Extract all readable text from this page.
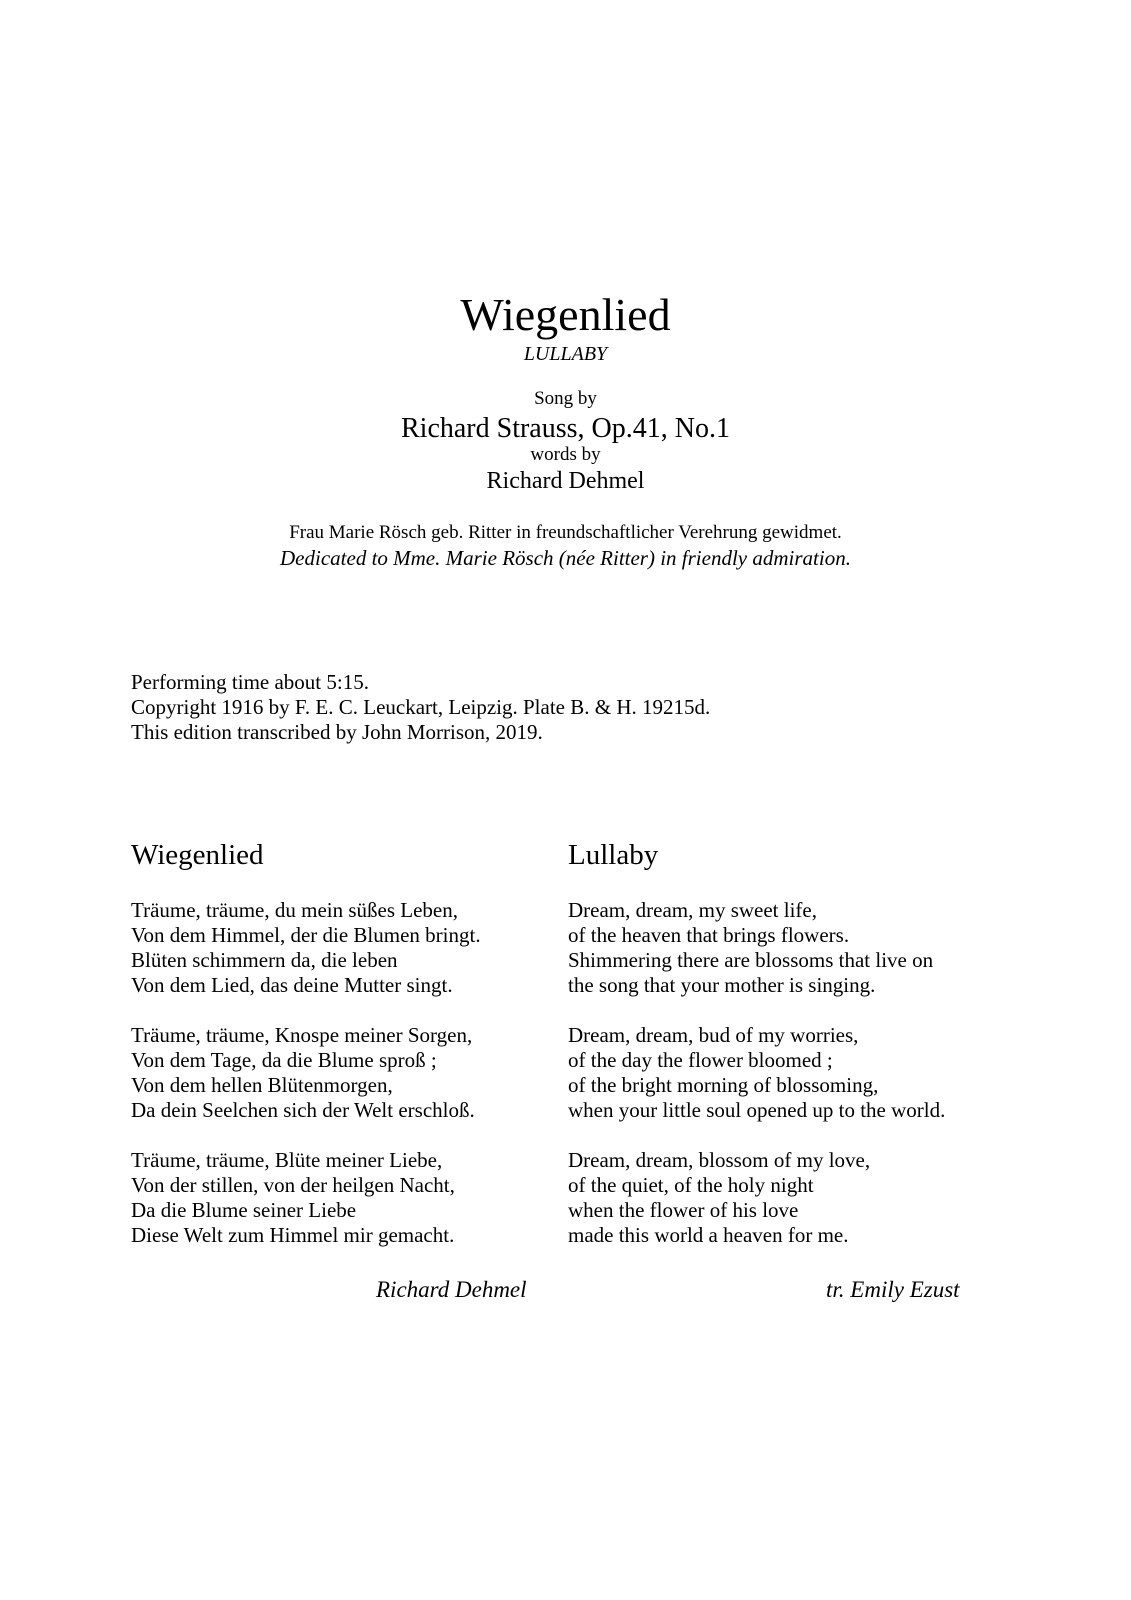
Wiegenlied
LULLABY
Song by
Richard Strauss, Op.41, No.1
words by
Richard Dehmel
Frau Marie Rösch geb. Ritter in freundschaftlicher Verehrung gewidmet.
Dedicated to Mme. Marie Rösch (née Ritter) in friendly admiration.
Performing time about 5:15.
Copyright 1916 by F. E. C. Leuckart, Leipzig. Plate B. & H. 19215d.
This edition transcribed by John Morrison, 2019.
Wiegenlied	Lullaby
Träume, träume, du mein süßes Leben,
Von dem Himmel, der die Blumen bringt.
Blüten schimmern da, die leben
Von dem Lied, das deine Mutter singt.
Träume, träume, Knospe meiner Sorgen,
Von dem Tage, da die Blume sproß ;
Von dem hellen Blütenmorgen,
Da dein Seelchen sich der Welt erschloß.
Träume, träume, Blüte meiner Liebe,
Von der stillen, von der heilgen Nacht,
Da die Blume seiner Liebe
Diese Welt zum Himmel mir gemacht.
Dream, dream, my sweet life,
of the heaven that brings flowers.
Shimmering there are blossoms that live on
the song that your mother is singing.
Dream, dream, bud of my worries,
of the day the flower bloomed ;
of the bright morning of blossoming,
when your little soul opened up to the world.
Dream, dream, blossom of my love,
of the quiet, of the holy night
when the flower of his love
made this world a heaven for me.
Richard Dehmel	tr. Emily Ezust
